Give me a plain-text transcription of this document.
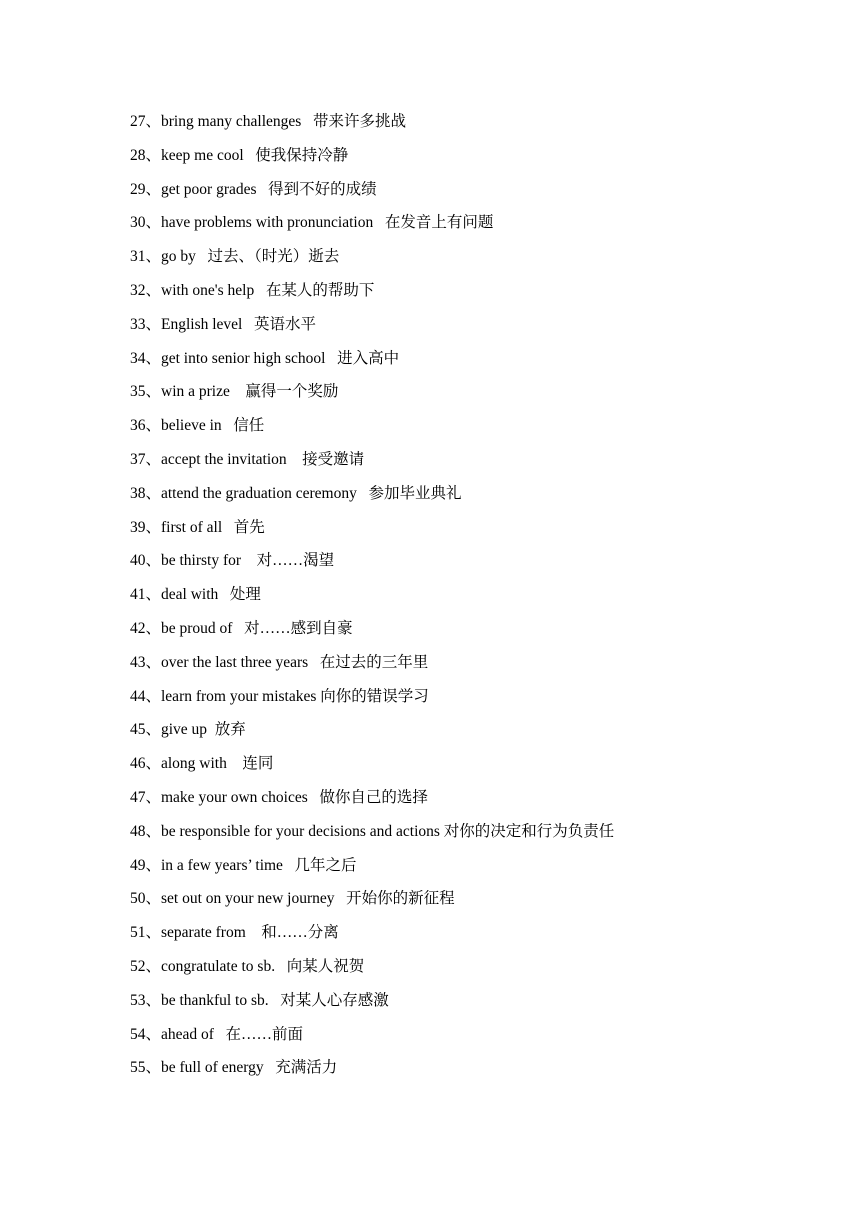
27、bring many challenges   带来许多挑战
28、keep me cool   使我保持冷静
29、get poor grades   得到不好的成绩
30、have problems with pronunciation   在发音上有问题
31、go by   过去、（时光）逝去
32、with one's help   在某人的帮助下
33、English level   英语水平
34、get into senior high school   进入高中
35、win a prize    赢得一个奖励
36、believe in   信任
37、accept the invitation    接受邀请
38、attend the graduation ceremony   参加毕业典礼
39、first of all   首先
40、be thirsty for    对……渴望
41、deal with   处理
42、be proud of   对……感到自豪
43、over the last three years   在过去的三年里
44、learn from your mistakes 向你的错误学习
45、give up  放弃
46、along with    连同
47、make your own choices   做你自己的选择
48、be responsible for your decisions and actions 对你的决定和行为负责任
49、in a few years’ time   几年之后
50、set out on your new journey   开始你的新征程
51、separate from    和……分离
52、congratulate to sb.   向某人祝贺
53、be thankful to sb.   对某人心存感激
54、ahead of   在……前面
55、be full of energy   充满活力
